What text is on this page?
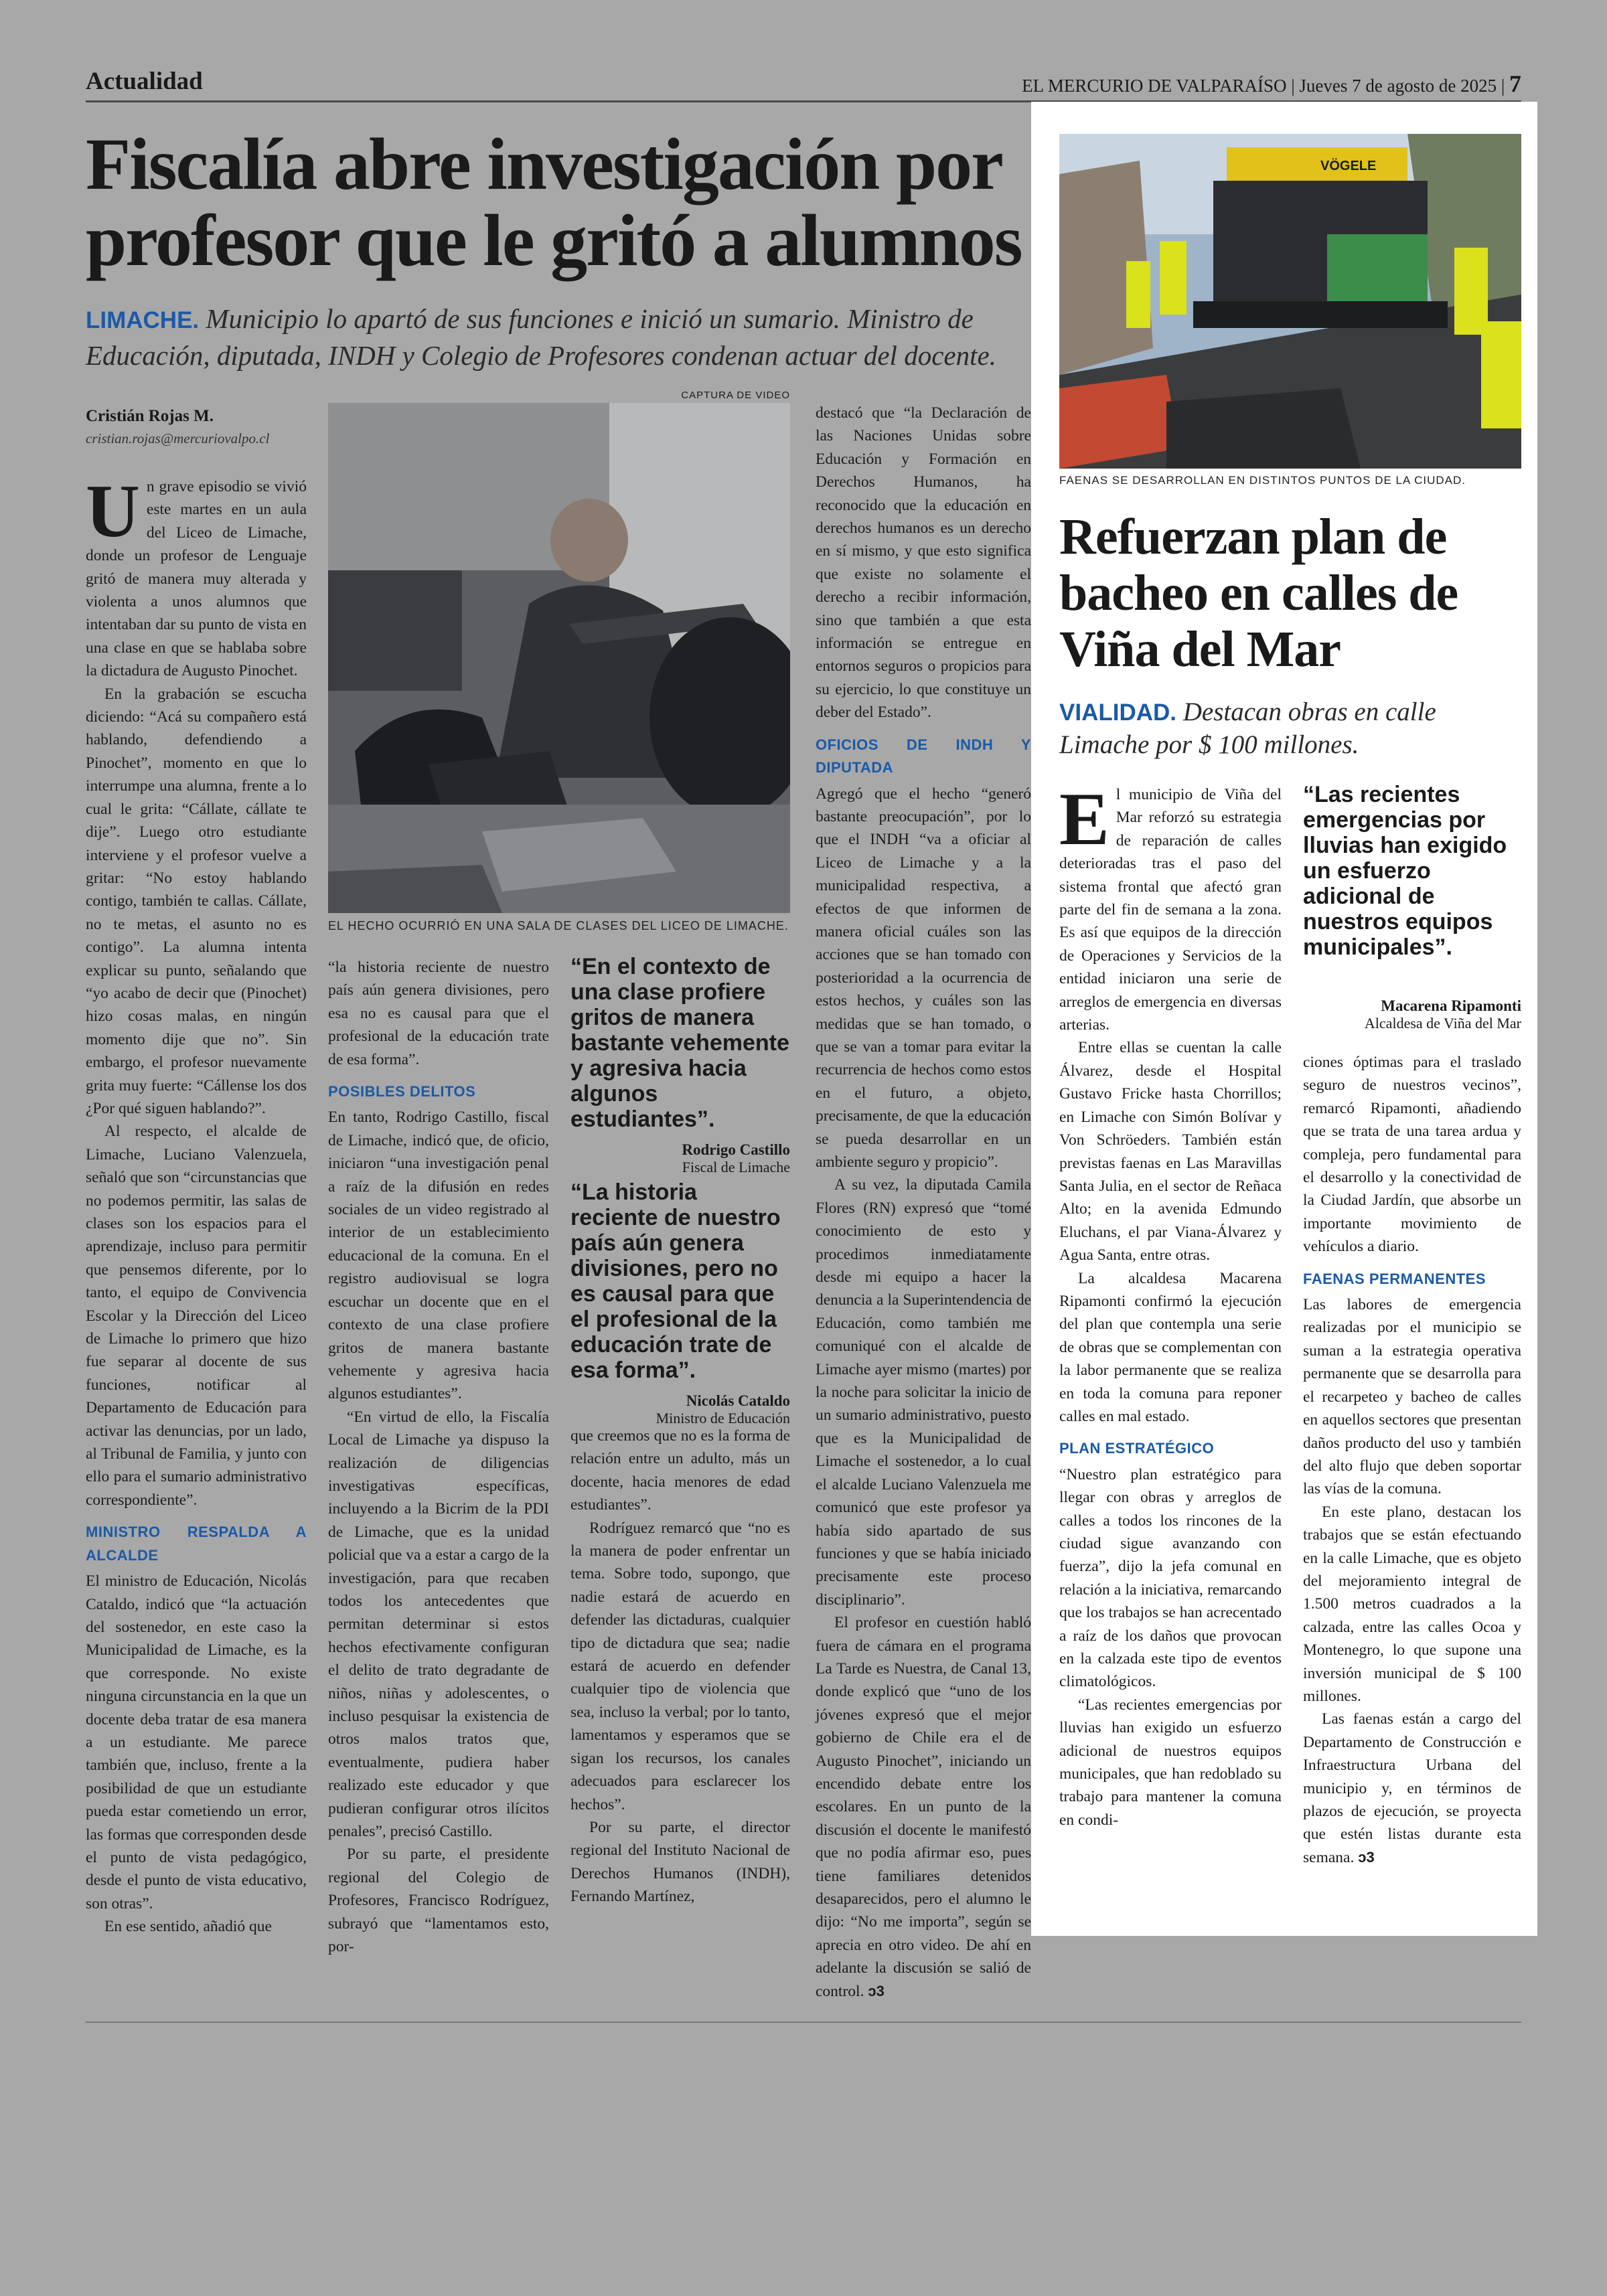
Actualidad	EL MERCURIO DE VALPARAÍSO | Jueves 7 de agosto de 2025 | 7
Fiscalía abre investigación por profesor que le gritó a alumnos
LIMACHE. Municipio lo apartó de sus funciones e inició un sumario. Ministro de Educación, diputada, INDH y Colegio de Profesores condenan actuar del docente.
Cristián Rojas M.
cristian.rojas@mercuriovalpo.cl
CAPTURA DE VIDEO
EL HECHO OCURRIÓ EN UNA SALA DE CLASES DEL LICEO DE LIMACHE.

Un grave episodio se vivió este martes en un aula del Liceo de Limache, donde un profesor de Lenguaje gritó de manera muy alterada y violenta a unos alumnos que intentaban dar su punto de vista en una clase en que se hablaba sobre la dictadura de Augusto Pinochet.

En la grabación se escucha diciendo: “Acá su compañero está hablando, defendiendo a Pinochet”, momento en que lo interrumpe una alumna, frente a lo cual le grita: “Cállate, cállate te dije”. Luego otro estudiante interviene y el profesor vuelve a gritar: “No estoy hablando contigo, también te callas. Cállate, no te metas, el asunto no es contigo”. La alumna intenta explicar su punto, señalando que “yo acabo de decir que (Pinochet) hizo cosas malas, en ningún momento dije que no”. Sin embargo, el profesor nuevamente grita muy fuerte: “Cállense los dos ¿Por qué siguen hablando?”.

Al respecto, el alcalde de Limache, Luciano Valenzuela, señaló que son “circunstancias que no podemos permitir, las salas de clases son los espacios para el aprendizaje, incluso para permitir que pensemos diferente, por lo tanto, el equipo de Convivencia Escolar y la Dirección del Liceo de Limache lo primero que hizo fue separar al docente de sus funciones, notificar al Departamento de Educación para activar las denuncias, por un lado, al Tribunal de Familia, y junto con ello para el sumario administrativo correspondiente”.

MINISTRO RESPALDA A ALCALDE

El ministro de Educación, Nicolás Cataldo, indicó que “la actuación del sostenedor, en este caso la Municipalidad de Limache, es la que corresponde. No existe ninguna circunstancia en la que un docente deba tratar de esa manera a un estudiante. Me parece también que, incluso, frente a la posibilidad de que un estudiante pueda estar cometiendo un error, las formas que corresponden desde el punto de vista pedagógico, desde el punto de vista educativo, son otras”.

En ese sentido, añadió que

“la historia reciente de nuestro país aún genera divisiones, pero esa no es causal para que el profesional de la educación trate de esa forma”.

POSIBLES DELITOS

En tanto, Rodrigo Castillo, fiscal de Limache, indicó que, de oficio, iniciaron “una investigación penal a raíz de la difusión en redes sociales de un video registrado al interior de un establecimiento educacional de la comuna. En el registro audiovisual se logra escuchar un docente que en el contexto de una clase profiere gritos de manera bastante vehemente y agresiva hacia algunos estudiantes”.

“En virtud de ello, la Fiscalía Local de Limache ya dispuso la realización de diligencias investigativas específicas, incluyendo a la Bicrim de la PDI de Limache, que es la unidad policial que va a estar a cargo de la investigación, para que recaben todos los antecedentes que permitan determinar si estos hechos efectivamente configuran el delito de trato degradante de niños, niñas y adolescentes, o incluso pesquisar la existencia de otros malos tratos que, eventualmente, pudiera haber realizado este educador y que pudieran configurar otros ilícitos penales”, precisó Castillo.

Por su parte, el presidente regional del Colegio de Profesores, Francisco Rodríguez, subrayó que “lamentamos esto, por-

“En el contexto de una clase profiere gritos de manera bastante vehemente y agresiva hacia algunos estudiantes”.
Rodrigo Castillo
Fiscal de Limache
“La historia reciente de nuestro país aún genera divisiones, pero no es causal para que el profesional de la educación trate de esa forma”.
Nicolás Cataldo
Ministro de Educación

que creemos que no es la forma de relación entre un adulto, más un docente, hacia menores de edad estudiantes”.

Rodríguez remarcó que “no es la manera de poder enfrentar un tema. Sobre todo, supongo, que nadie estará de acuerdo en defender las dictaduras, cualquier tipo de dictadura que sea; nadie estará de acuerdo en defender cualquier tipo de violencia que sea, incluso la verbal; por lo tanto, lamentamos y esperamos que se sigan los recursos, los canales adecuados para esclarecer los hechos”.

Por su parte, el director regional del Instituto Nacional de Derechos Humanos (INDH), Fernando Martínez,

destacó que “la Declaración de las Naciones Unidas sobre Educación y Formación en Derechos Humanos, ha reconocido que la educación en derechos humanos es un derecho en sí mismo, y que esto significa que existe no solamente el derecho a recibir información, sino que también a que esta información se entregue en entornos seguros o propicios para su ejercicio, lo que constituye un deber del Estado”.

OFICIOS DE INDH Y DIPUTADA

Agregó que el hecho “generó bastante preocupación”, por lo que el INDH “va a oficiar al Liceo de Limache y a la municipalidad respectiva, a efectos de que informen de manera oficial cuáles son las acciones que se han tomado con posterioridad a la ocurrencia de estos hechos, y cuáles son las medidas que se han tomado, o que se van a tomar para evitar la recurrencia de hechos como estos en el futuro, a objeto, precisamente, de que la educación se pueda desarrollar en un ambiente seguro y propicio”.

A su vez, la diputada Camila Flores (RN) expresó que “tomé conocimiento de esto y procedimos inmediatamente desde mi equipo a hacer la denuncia a la Superintendencia de Educación, como también me comuniqué con el alcalde de Limache ayer mismo (martes) por la noche para solicitar la inicio de un sumario administrativo, puesto que es la Municipalidad de Limache el sostenedor, a lo cual el alcalde Luciano Valenzuela me comunicó que este profesor ya había sido apartado de sus funciones y que se había iniciado precisamente este proceso disciplinario”.

El profesor en cuestión habló fuera de cámara en el programa La Tarde es Nuestra, de Canal 13, donde explicó que “uno de los jóvenes expresó que el mejor gobierno de Chile era el de Augusto Pinochet”, iniciando un encendido debate entre los escolares. En un punto de la discusión el docente le manifestó que no podía afirmar eso, pues tiene familiares detenidos desaparecidos, pero el alumno le dijo: “No me importa”, según se aprecia en otro video. De ahí en adelante la discusión se salió de control. ↄ3

VÖGELE
FAENAS SE DESARROLLAN EN DISTINTOS PUNTOS DE LA CIUDAD.
Refuerzan plan de bacheo en calles de Viña del Mar
VIALIDAD. Destacan obras en calle Limache por $ 100 millones.

El municipio de Viña del Mar reforzó su estrategia de reparación de calles deterioradas tras el paso del sistema frontal que afectó gran parte del fin de semana a la zona. Es así que equipos de la dirección de Operaciones y Servicios de la entidad iniciaron una serie de arreglos de emergencia en diversas arterias.

Entre ellas se cuentan la calle Álvarez, desde el Hospital Gustavo Fricke hasta Chorrillos; en Limache con Simón Bolívar y Von Schröeders. También están previstas faenas en Las Maravillas Santa Julia, en el sector de Reñaca Alto; en la avenida Edmundo Eluchans, el par Viana-Álvarez y Agua Santa, entre otras.

La alcaldesa Macarena Ripamonti confirmó la ejecución del plan que contempla una serie de obras que se complementan con la labor permanente que se realiza en toda la comuna para reponer calles en mal estado.

PLAN ESTRATÉGICO

“Nuestro plan estratégico para llegar con obras y arreglos de calles a todos los rincones de la ciudad sigue avanzando con fuerza”, dijo la jefa comunal en relación a la iniciativa, remarcando que los trabajos se han acrecentado a raíz de los daños que provocan en la calzada este tipo de eventos climatológicos.

“Las recientes emergencias por lluvias han exigido un esfuerzo adicional de nuestros equipos municipales, que han redoblado su trabajo para mantener la comuna en condi-

“Las recientes emergencias por lluvias han exigido un esfuerzo adicional de nuestros equipos municipales”.
Macarena Ripamonti
Alcaldesa de Viña del Mar

ciones óptimas para el traslado seguro de nuestros vecinos”, remarcó Ripamonti, añadiendo que se trata de una tarea ardua y compleja, pero fundamental para el desarrollo y la conectividad de la Ciudad Jardín, que absorbe un importante movimiento de vehículos a diario.

FAENAS PERMANENTES

Las labores de emergencia realizadas por el municipio se suman a la estrategia operativa permanente que se desarrolla para el recarpeteo y bacheo de calles en aquellos sectores que presentan daños producto del uso y también del alto flujo que deben soportar las vías de la comuna.

En este plano, destacan los trabajos que se están efectuando en la calle Limache, que es objeto del mejoramiento integral de 1.500 metros cuadrados a la calzada, entre las calles Ocoa y Montenegro, lo que supone una inversión municipal de $ 100 millones.

Las faenas están a cargo del Departamento de Construcción e Infraestructura Urbana del municipio y, en términos de plazos de ejecución, se proyecta que estén listas durante esta semana. ↄ3
